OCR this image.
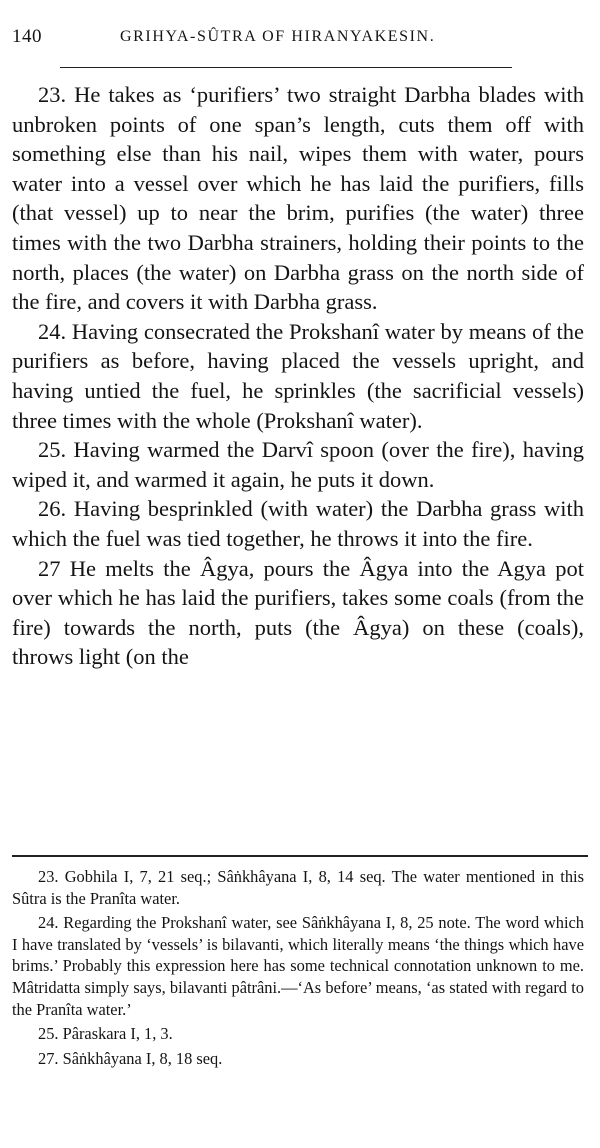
140	GRIHYA-SÛTRA OF HIRANYAKESIN.

23. He takes as ‘purifiers’ two straight Darbha blades with unbroken points of one span’s length, cuts them off with something else than his nail, wipes them with water, pours water into a vessel over which he has laid the purifiers, fills (that vessel) up to near the brim, purifies (the water) three times with the two Darbha strainers, holding their points to the north, places (the water) on Darbha grass on the north side of the fire, and covers it with Darbha grass.

24. Having consecrated the Prokshanî water by means of the purifiers as before, having placed the vessels upright, and having untied the fuel, he sprinkles (the sacrificial vessels) three times with the whole (Prokshanî water).

25. Having warmed the Darvî spoon (over the fire), having wiped it, and warmed it again, he puts it down.

26. Having besprinkled (with water) the Darbha grass with which the fuel was tied together, he throws it into the fire.

27 He melts the Âgya, pours the Âgya into the Agya pot over which he has laid the purifiers, takes some coals (from the fire) towards the north, puts (the Âgya) on these (coals), throws light (on the

23. Gobhila I, 7, 21 seq.; Sâṅkhâyana I, 8, 14 seq. The water mentioned in this Sûtra is the Pranîta water.

24. Regarding the Prokshanî water, see Sâṅkhâyana I, 8, 25 note. The word which I have translated by ‘vessels’ is bilavanti, which literally means ‘the things which have brims.’ Probably this expression here has some technical connotation unknown to me. Mâtridatta simply says, bilavanti pâtrâni.—‘As before’ means, ‘as stated with regard to the Pranîta water.’

25. Pâraskara I, 1, 3.

27. Sâṅkhâyana I, 8, 18 seq.
